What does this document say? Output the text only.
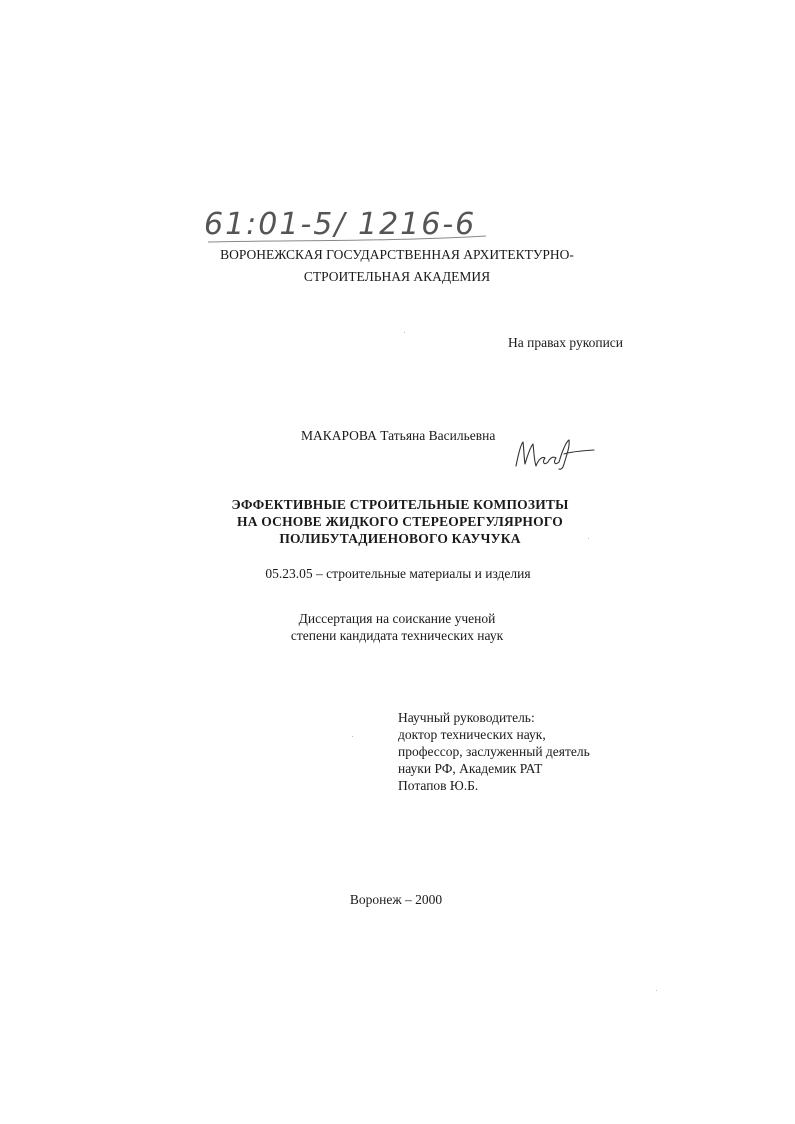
61:01-5/ 1216-6
ВОРОНЕЖСКАЯ ГОСУДАРСТВЕННАЯ АРХИТЕКТУРНО-
СТРОИТЕЛЬНАЯ АКАДЕМИЯ
На правах рукописи
МАКАРОВА Татьяна Васильевна
ЭФФЕКТИВНЫЕ СТРОИТЕЛЬНЫЕ КОМПОЗИТЫ
НА ОСНОВЕ ЖИДКОГО СТЕРЕОРЕГУЛЯРНОГО
ПОЛИБУТАДИЕНОВОГО КАУЧУКА
05.23.05 – строительные материалы и изделия
Диссертация на соискание ученой
степени кандидата технических наук
Научный руководитель:
доктор технических наук,
профессор, заслуженный деятель
науки РФ, Академик РАТ
Потапов Ю.Б.
Воронеж – 2000
